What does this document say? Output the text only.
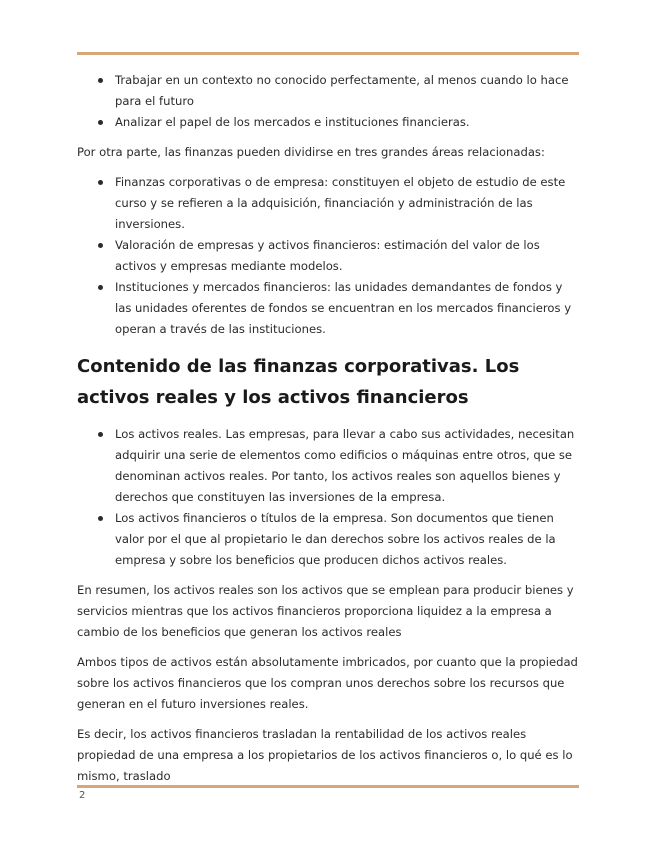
Trabajar en un contexto no conocido perfectamente, al menos cuando lo hace para el futuro
Analizar el papel de los mercados e instituciones financieras.

Por otra parte, las finanzas pueden dividirse en tres grandes áreas relacionadas:

Finanzas corporativas o de empresa: constituyen el objeto de estudio de este curso y se refieren a la adquisición, financiación y administración de las inversiones.
Valoración de empresas y activos financieros: estimación del valor de los activos y empresas mediante modelos.
Instituciones y mercados financieros: las unidades demandantes de fondos y las unidades oferentes de fondos se encuentran en los mercados financieros y operan a través de las instituciones.
Contenido de las finanzas corporativas. Los activos reales y los activos financieros
Los activos reales. Las empresas, para llevar a cabo sus actividades, necesitan adquirir una serie de elementos como edificios o máquinas entre otros, que se denominan activos reales. Por tanto, los activos reales son aquellos bienes y derechos que constituyen las inversiones de la empresa.
Los activos financieros o títulos de la empresa. Son documentos que tienen valor por el que al propietario le dan derechos sobre los activos reales de la empresa y sobre los beneficios que producen dichos activos reales.

En resumen, los activos reales son los activos que se emplean para producir bienes y servicios mientras que los activos financieros proporciona liquidez a la empresa a cambio de los beneficios que generan los activos reales

Ambos tipos de activos están absolutamente imbricados, por cuanto que la propiedad sobre los activos financieros que los compran unos derechos sobre los recursos que generan en el futuro inversiones reales.

Es decir, los activos financieros trasladan la rentabilidad de los activos reales propiedad de una empresa a los propietarios de los activos financieros o, lo qué es lo mismo, traslado

2
